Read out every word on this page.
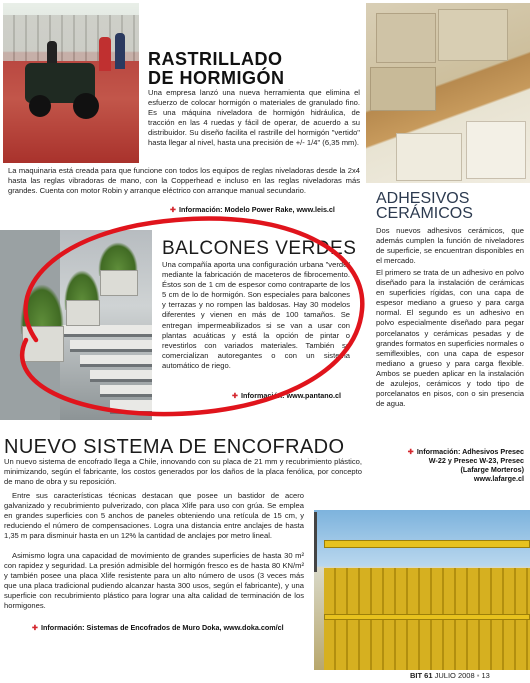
RASTRILLADO
DE HORMIGÓN

Una empresa lanzó una nueva herramienta que elimina el esfuerzo de colocar hormigón o materiales de granulado fino. Es una máquina niveladora de hormigón hidráulica, de tracción en las 4 ruedas y fácil de operar, de acuerdo a su distribuidor. Su diseño facilita el rastrille del hormigón "vertido" hasta llegar al nivel, hasta una precisión de +/- 1/4" (6,35 mm).

La maquinaria está creada para que funcione con todos los equipos de reglas niveladoras desde la 2x4 hasta las reglas vibradoras de mano, con la Copperhead e incluso en las reglas niveladoras más grandes. Cuenta con motor Robin y arranque eléctrico con arranque manual secundario.

✚ Información: Modelo Power Rake, www.leis.cl
ADHESIVOS
CERÁMICOS

Dos nuevos adhesivos cerámicos, que además cumplen la función de niveladores de superficie, se encuentran disponibles en el mercado.

El primero se trata de un adhesivo en polvo diseñado para la instalación de cerámicas en superficies rígidas, con una capa de espesor mediano a grueso y para carga normal. El segundo es un adhesivo en polvo especialmente diseñado para pegar porcelanatos y cerámicas pesadas y de grandes formatos en superficies normales o semiflexibles, con una capa de espesor mediano a grueso y para carga flexible. Ambos se pueden aplicar en la instalación de azulejos, cerámicos y todo tipo de porcelanatos en pisos, con o sin presencia de agua.

✚ Información: Adhesivos Presec
W-22 y Presec W-23, Presec
(Lafarge Morteros)
www.lafarge.cl
BALCONES VERDES

Una compañía aporta una configuración urbana "verde" mediante la fabricación de maceteros de fibrocemento. Éstos son de 1 cm de espesor como contraparte de los 5 cm de lo de hormigón. Son especiales para balcones y terrazas y no rompen las baldosas. Hay 30 modelos diferentes y vienen en más de 100 tamaños. Se entregan impermeabilizados si se van a usar con plantas acuáticas y está la opción de pintar o revestirlos con variados materiales. También se comercializan autoregantes o con un sistema automático de riego.

✚ Información: www.pantano.cl
NUEVO SISTEMA DE ENCOFRADO

Un nuevo sistema de encofrado llega a Chile, innovando con su placa de 21 mm y recubrimiento plástico, minimizando, según el fabricante, los costos generados por los daños de la placa fenólica, por concepto de mano de obra y su reposición.

Entre sus características técnicas destacan que posee un bastidor de acero galvanizado y recubrimiento pulverizado, con placa Xlife para uso con grúa. Se emplea en grandes superficies con 5 anchos de paneles obteniendo una retícula de 15 cm, y reduciendo el número de compensaciones. Logra una distancia entre anclajes de hasta 1,35 m para disminuir hasta en un 12% la cantidad de anclajes por metro lineal.

Asimismo logra una capacidad de movimiento de grandes superficies de hasta 30 m² con rapidez y seguridad. La presión admisible del hormigón fresco es de hasta 80 KN/m² y también posee una placa Xlife resistente para un alto número de usos (3 veces más que una placa tradicional pudiendo alcanzar hasta 300 usos, según el fabricante), y una superficie con recubrimiento plástico para lograr una alta calidad de terminación de los hormigones.

✚ Información: Sistemas de Encofrados de Muro Doka, www.doka.com/cl
BIT 61 JULIO 2008 ▪ 13
